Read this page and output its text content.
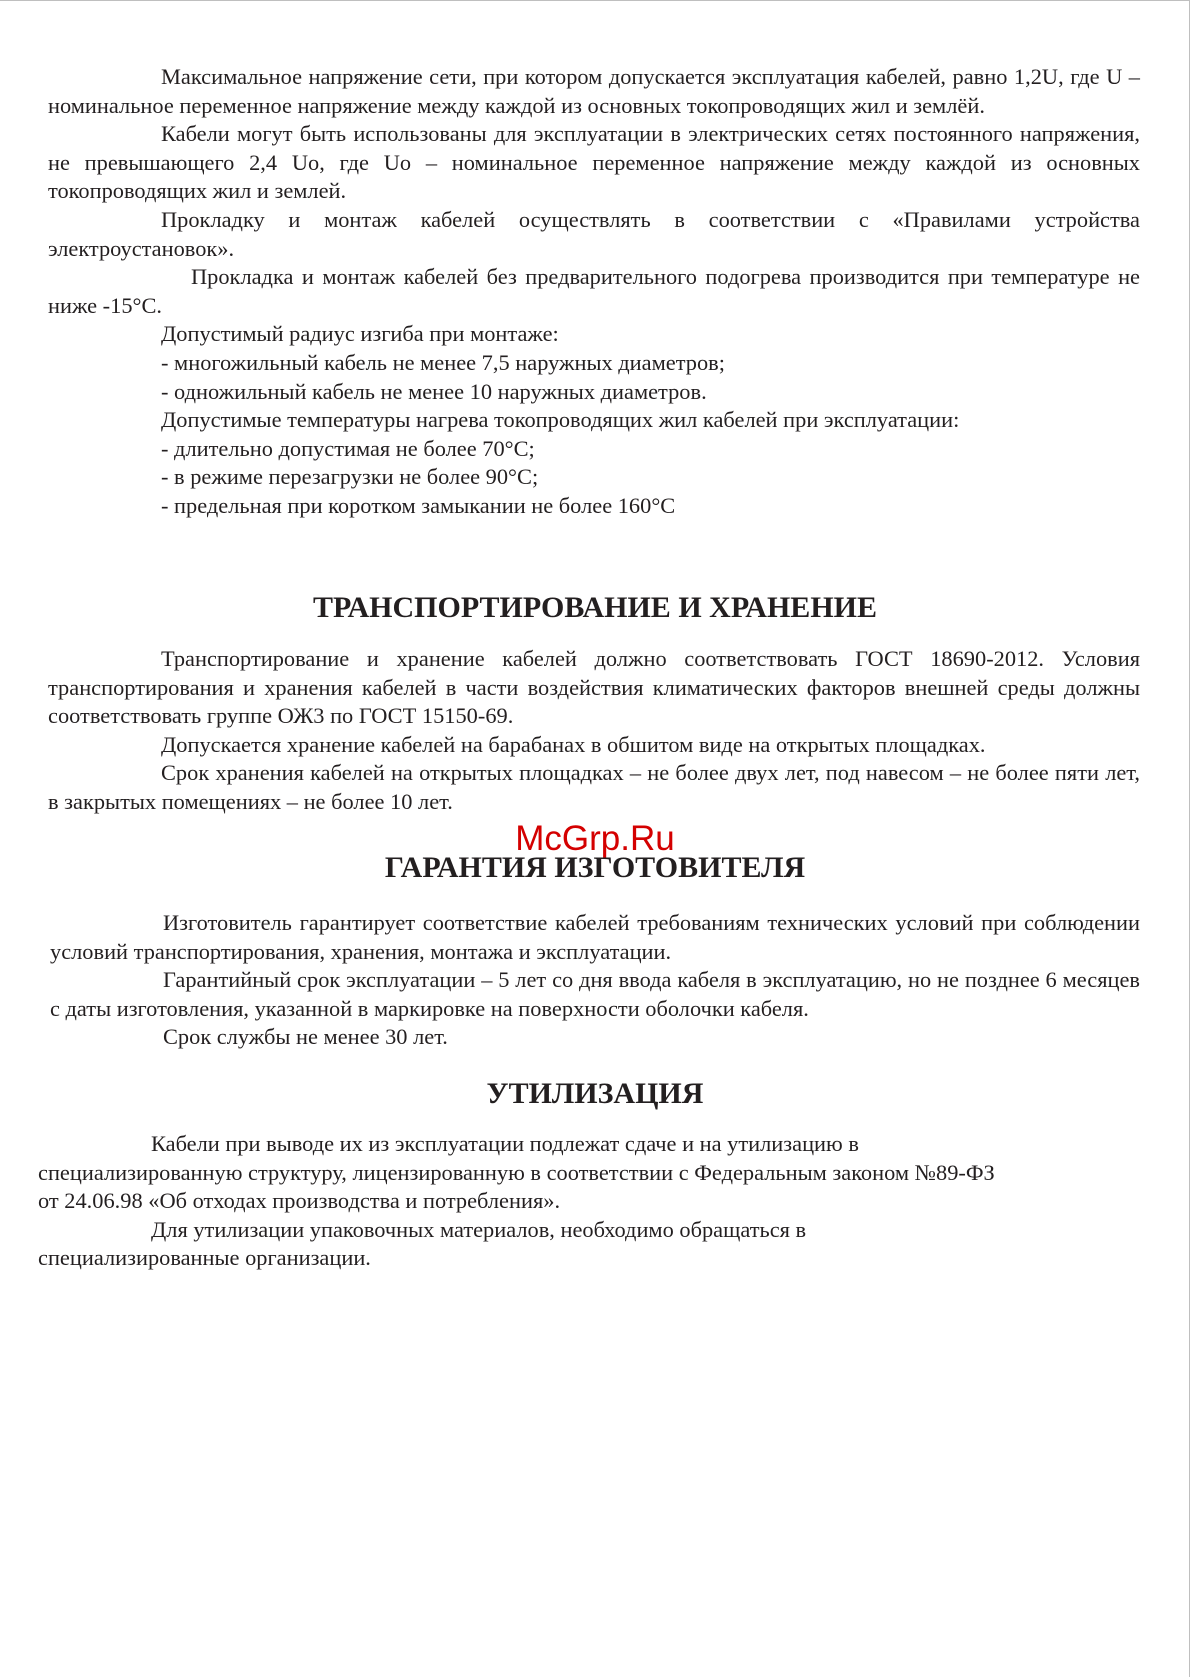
Максимальное напряжение сети, при котором допускается эксплуатация кабелей, равно 1,2U, где U –номинальное переменное напряжение между каждой из основных токопроводящих жил и землёй.

Кабели могут быть использованы для эксплуатации в электрических сетях постоянного напряжения, не превышающего 2,4 Uo, где Uo – номинальное переменное напряжение между каждой из основных токопроводящих жил и землей.

Прокладку и монтаж кабелей осуществлять в соответствии с «Правилами устройства электроустановок».

Прокладка и монтаж кабелей без предварительного подогрева производится при температуре не ниже -15°С.

Допустимый радиус изгиба при монтаже:

- многожильный кабель не менее 7,5 наружных диаметров;

- одножильный кабель не менее 10 наружных диаметров.

Допустимые температуры нагрева токопроводящих жил кабелей при эксплуатации:

- длительно допустимая не более 70°С;

- в режиме перезагрузки не более 90°С;

- предельная при коротком замыкании не более 160°С

ТРАНСПОРТИРОВАНИЕ И ХРАНЕНИЕ

Транспортирование и хранение кабелей должно соответствовать ГОСТ 18690-2012. Условия транспортирования и хранения кабелей в части воздействия климатических факторов внешней среды должны соответствовать группе ОЖ3 по ГОСТ 15150-69.

Допускается хранение кабелей на барабанах в обшитом виде на открытых площадках.

Срок хранения кабелей на открытых площадках – не более двух лет, под навесом – не более пяти лет, в закрытых помещениях – не более 10 лет.

McGrp.Ru
ГАРАНТИЯ ИЗГОТОВИТЕЛЯ

Изготовитель гарантирует соответствие кабелей требованиям технических условий при соблюдении условий транспортирования, хранения, монтажа и эксплуатации.

Гарантийный срок эксплуатации – 5 лет со дня ввода кабеля в эксплуатацию, но не позднее 6 месяцев с даты изготовления, указанной в маркировке на поверхности оболочки кабеля.

Срок службы не менее 30 лет.

УТИЛИЗАЦИЯ

Кабели при выводе их из эксплуатации подлежат сдаче и на утилизацию в

специализированную структуру, лицензированную в соответствии с Федеральным законом №89-ФЗ

от 24.06.98 «Об отходах производства и потребления».

Для утилизации упаковочных материалов, необходимо обращаться в

специализированные организации.
